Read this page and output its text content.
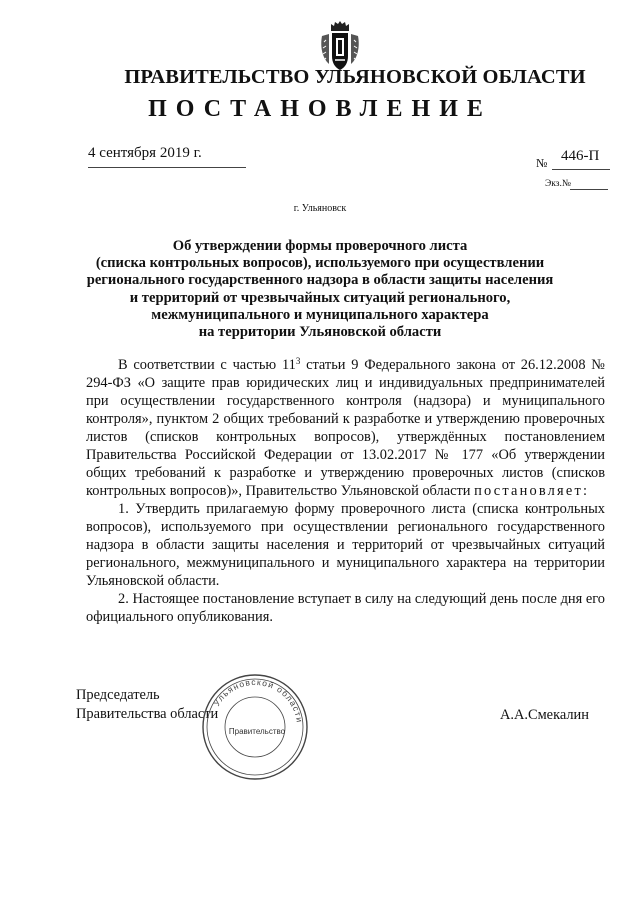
ПРАВИТЕЛЬСТВО УЛЬЯНОВСКОЙ ОБЛАСТИ
ПОСТАНОВЛЕНИЕ
4 сентября 2019 г.
№ 446-П
Экз.№
г. Ульяновск
Об утверждении формы проверочного листа
(списка контрольных вопросов), используемого при осуществлении
регионального государственного надзора в области защиты населения
и территорий от чрезвычайных ситуаций регионального,
межмуниципального и муниципального характера
на территории Ульяновской области

В соответствии с частью $11^3$ статьи 9 Федерального закона от 26.12.2008 № 294-ФЗ «О защите прав юридических лиц и индивидуальных предпринимателей при осуществлении государственного контроля (надзора) и муниципального контроля», пунктом 2 общих требований к разработке и утверждению проверочных листов (списков контрольных вопросов), утверждённых постановлением Правительства Российской Федерации от 13.02.2017 № 177 «Об утверждении общих требований к разработке и утверждению проверочных листов (списков контрольных вопросов)», Правительство Ульяновской области постановляет:

1. Утвердить прилагаемую форму проверочного листа (списка контрольных вопросов), используемого при осуществлении регионального государственного надзора в области защиты населения и территорий от чрезвычайных ситуаций регионального, межмуниципального и муниципального характера на территории Ульяновской области.

2. Настоящее постановление вступает в силу на следующий день после дня его официального опубликования.

Председатель
Правительства области	А.А.Смекалин
Ульяновской области
Правительство
